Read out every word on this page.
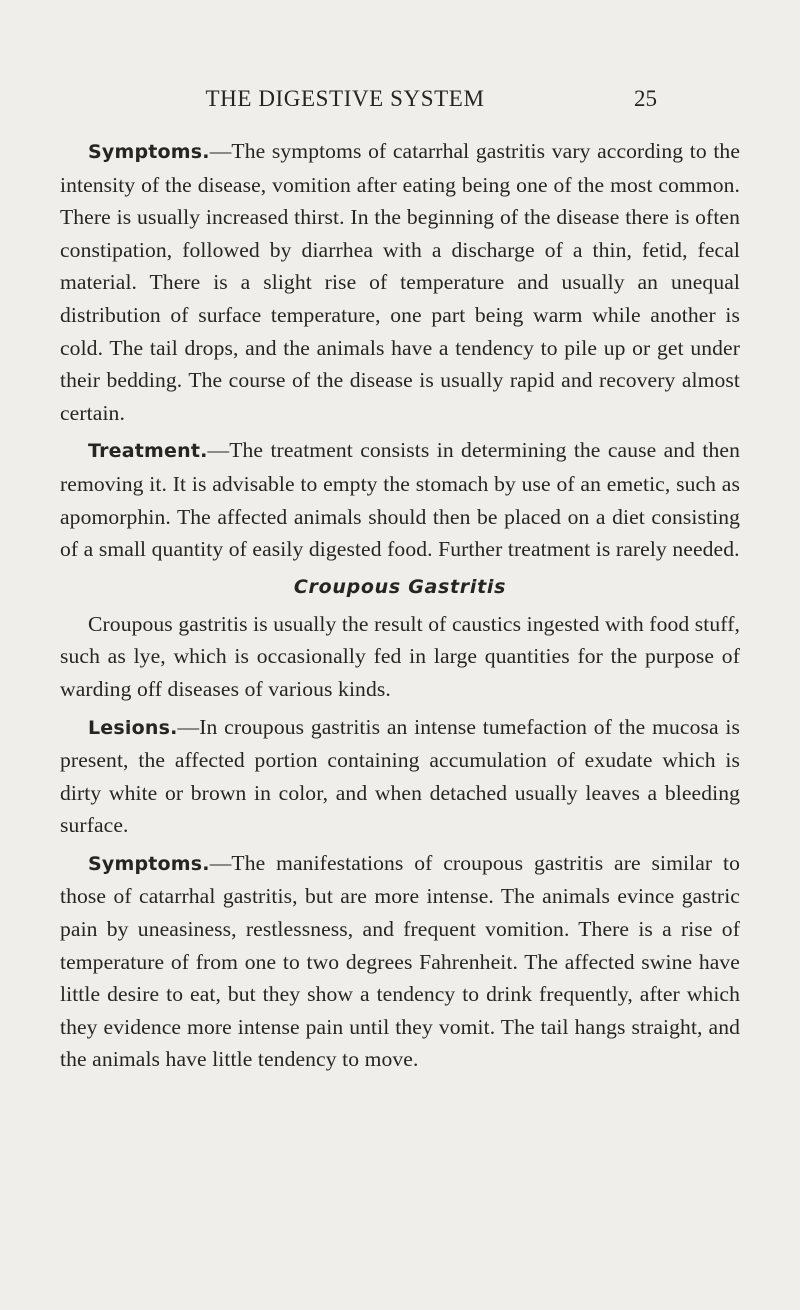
THE DIGESTIVE SYSTEM	25

Symptoms.—The symptoms of catarrhal gastritis vary according to the intensity of the disease, vomition after eating being one of the most common. There is usually increased thirst. In the beginning of the disease there is often constipation, followed by diarrhea with a discharge of a thin, fetid, fecal material. There is a slight rise of temperature and usually an unequal distribution of surface temperature, one part being warm while another is cold. The tail drops, and the animals have a tendency to pile up or get under their bedding. The course of the disease is usually rapid and recovery almost certain.

Treatment.—The treatment consists in determining the cause and then removing it. It is advisable to empty the stomach by use of an emetic, such as apomorphin. The affected animals should then be placed on a diet consisting of a small quantity of easily digested food. Further treatment is rarely needed.

Croupous Gastritis

Croupous gastritis is usually the result of caustics ingested with food stuff, such as lye, which is occasionally fed in large quantities for the purpose of warding off diseases of various kinds.

Lesions.—In croupous gastritis an intense tumefaction of the mucosa is present, the affected portion containing accumulation of exudate which is dirty white or brown in color, and when detached usually leaves a bleeding surface.

Symptoms.—The manifestations of croupous gastritis are similar to those of catarrhal gastritis, but are more intense. The animals evince gastric pain by uneasiness, restlessness, and frequent vomition. There is a rise of temperature of from one to two degrees Fahrenheit. The affected swine have little desire to eat, but they show a tendency to drink frequently, after which they evidence more intense pain until they vomit. The tail hangs straight, and the animals have little tendency to move.
